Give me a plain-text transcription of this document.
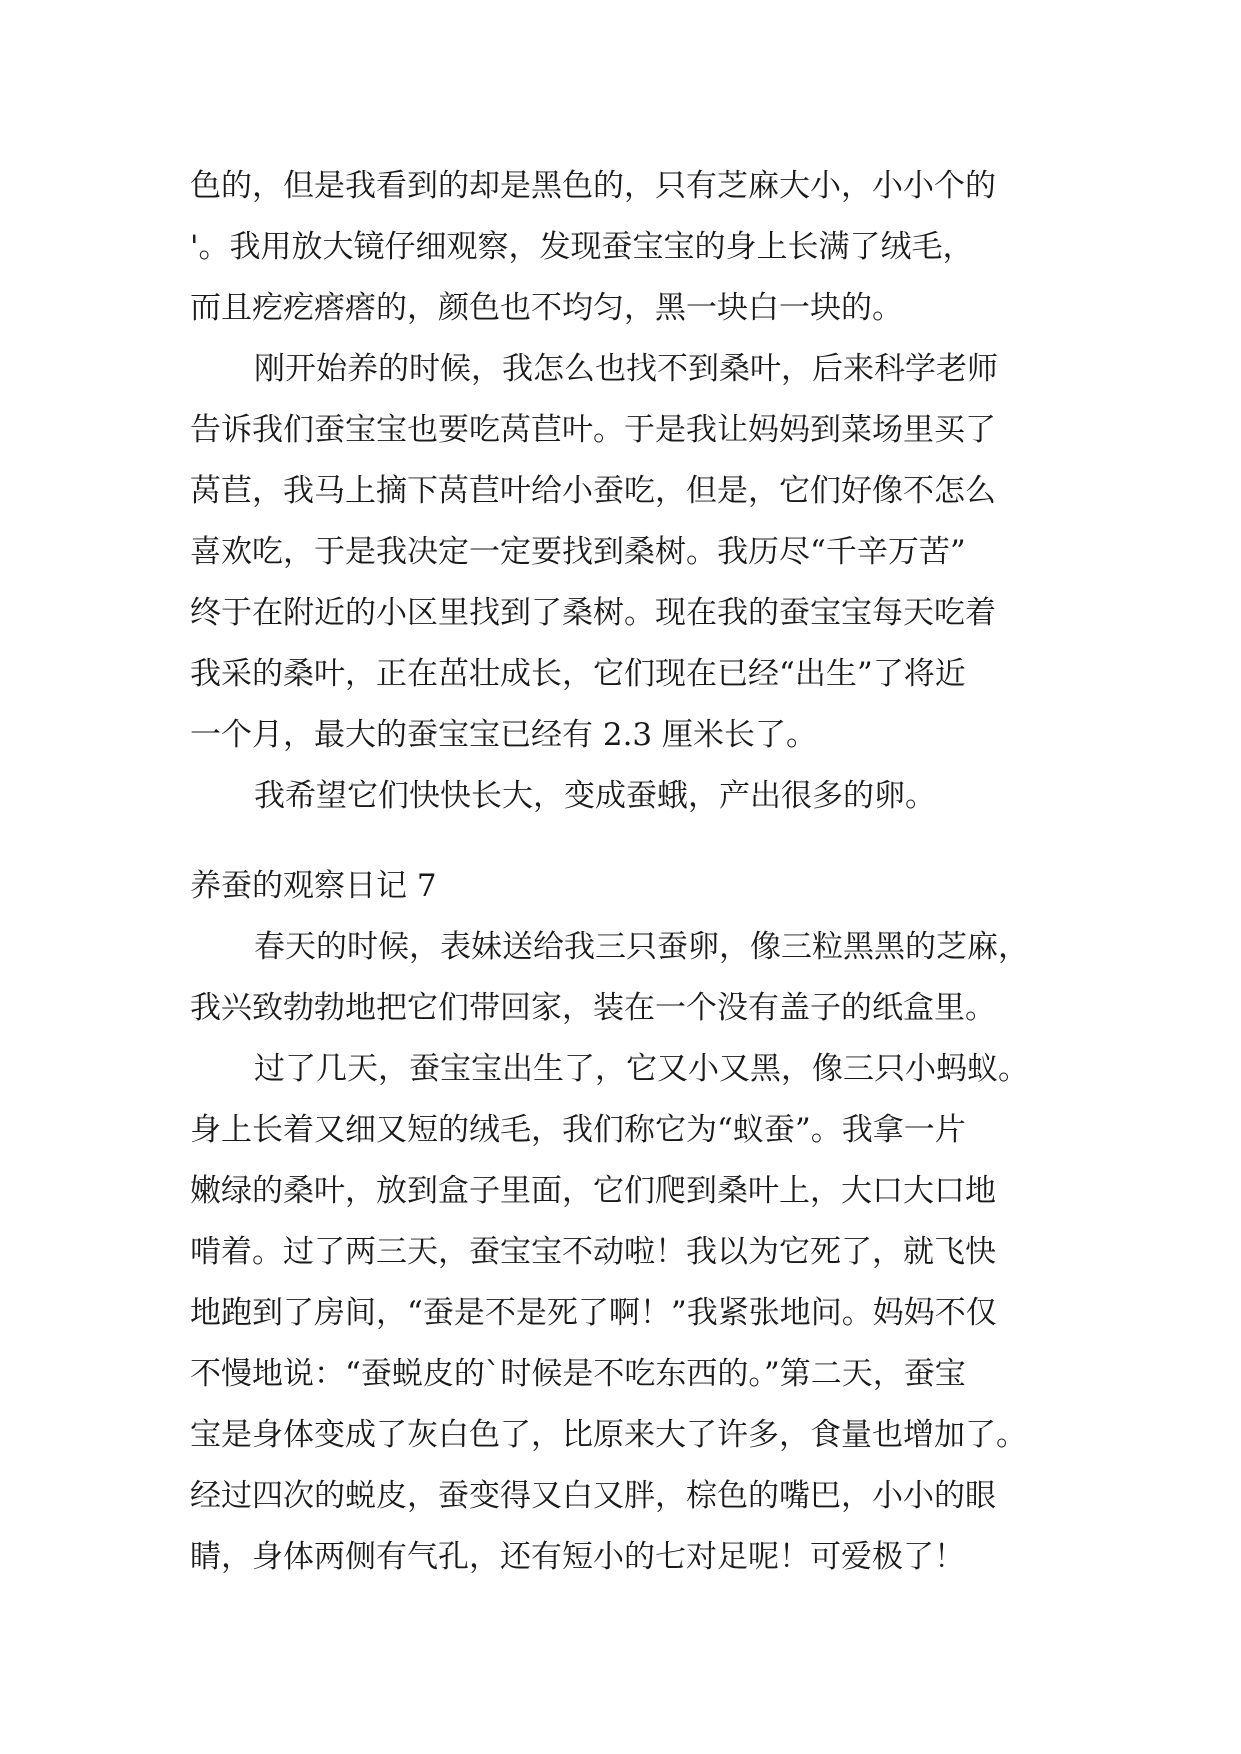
色的，但是我看到的却是黑色的，只有芝麻大小，小小个的
'。我用放大镜仔细观察，发现蚕宝宝的身上长满了绒毛，
而且疙疙瘩瘩的，颜色也不均匀，黑一块白一块的。
刚开始养的时候，我怎么也找不到桑叶，后来科学老师
告诉我们蚕宝宝也要吃莴苣叶。于是我让妈妈到菜场里买了
莴苣，我马上摘下莴苣叶给小蚕吃，但是，它们好像不怎么
喜欢吃，于是我决定一定要找到桑树。我历尽“千辛万苦”
终于在附近的小区里找到了桑树。现在我的蚕宝宝每天吃着
我采的桑叶，正在茁壮成长，它们现在已经“出生”了将近
一个月，最大的蚕宝宝已经有 2.3 厘米长了。
我希望它们快快长大，变成蚕蛾，产出很多的卵。
养蚕的观察日记 7
春天的时候，表妹送给我三只蚕卵，像三粒黑黑的芝麻，
我兴致勃勃地把它们带回家，装在一个没有盖子的纸盒里。
过了几天，蚕宝宝出生了，它又小又黑，像三只小蚂蚁。
身上长着又细又短的绒毛，我们称它为“蚁蚕”。我拿一片
嫩绿的桑叶，放到盒子里面，它们爬到桑叶上，大口大口地
啃着。过了两三天，蚕宝宝不动啦！我以为它死了，就飞快
地跑到了房间，“蚕是不是死了啊！”我紧张地问。妈妈不仅
不慢地说：“蚕蜕皮的`时候是不吃东西的。”第二天，蚕宝
宝是身体变成了灰白色了，比原来大了许多，食量也增加了。
经过四次的蜕皮，蚕变得又白又胖，棕色的嘴巴，小小的眼
睛，身体两侧有气孔，还有短小的七对足呢！可爱极了！
